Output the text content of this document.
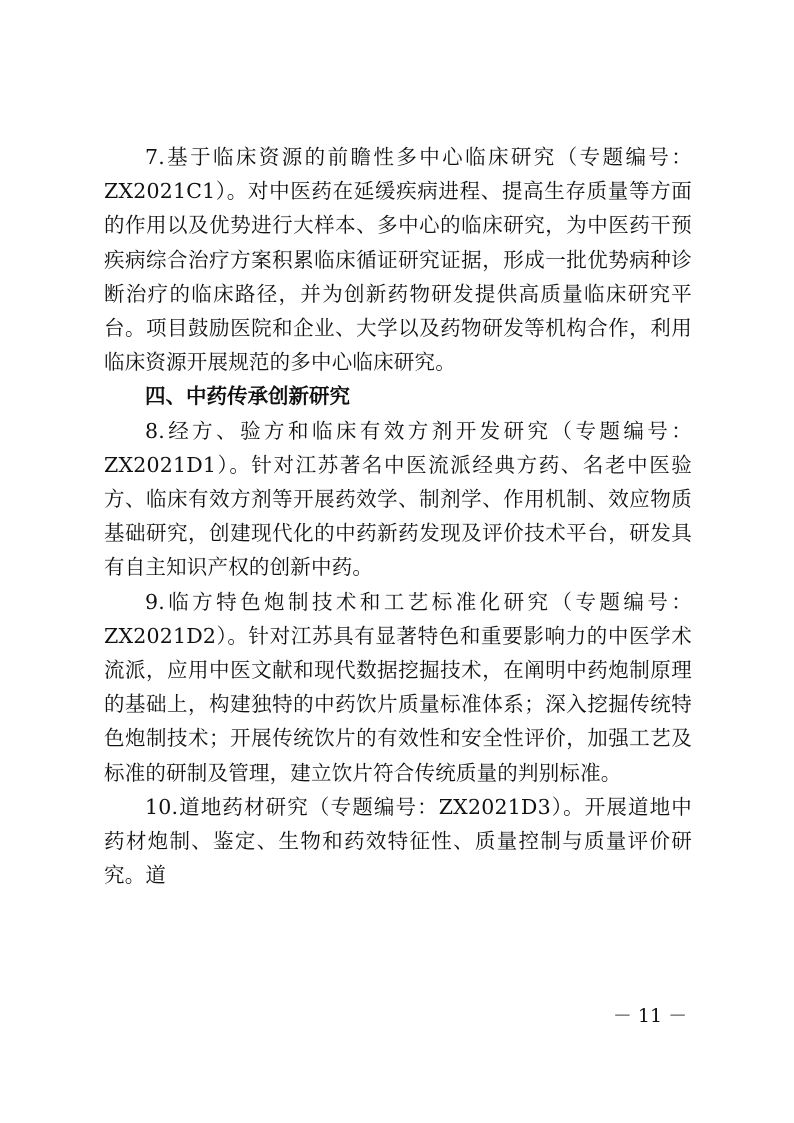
7.基于临床资源的前瞻性多中心临床研究（专题编号：ZX2021C1）。对中医药在延缓疾病进程、提高生存质量等方面的作用以及优势进行大样本、多中心的临床研究，为中医药干预疾病综合治疗方案积累临床循证研究证据，形成一批优势病种诊断治疗的临床路径，并为创新药物研发提供高质量临床研究平台。项目鼓励医院和企业、大学以及药物研发等机构合作，利用临床资源开展规范的多中心临床研究。

四、中药传承创新研究

8.经方、验方和临床有效方剂开发研究（专题编号：ZX2021D1）。针对江苏著名中医流派经典方药、名老中医验方、临床有效方剂等开展药效学、制剂学、作用机制、效应物质基础研究，创建现代化的中药新药发现及评价技术平台，研发具有自主知识产权的创新中药。

9.临方特色炮制技术和工艺标准化研究（专题编号：ZX2021D2）。针对江苏具有显著特色和重要影响力的中医学术流派，应用中医文献和现代数据挖掘技术，在阐明中药炮制原理的基础上，构建独特的中药饮片质量标准体系；深入挖掘传统特色炮制技术；开展传统饮片的有效性和安全性评价，加强工艺及标准的研制及管理，建立饮片符合传统质量的判别标准。

10.道地药材研究（专题编号：ZX2021D3）。开展道地中药材炮制、鉴定、生物和药效特征性、质量控制与质量评价研究。道

－ 11 －
